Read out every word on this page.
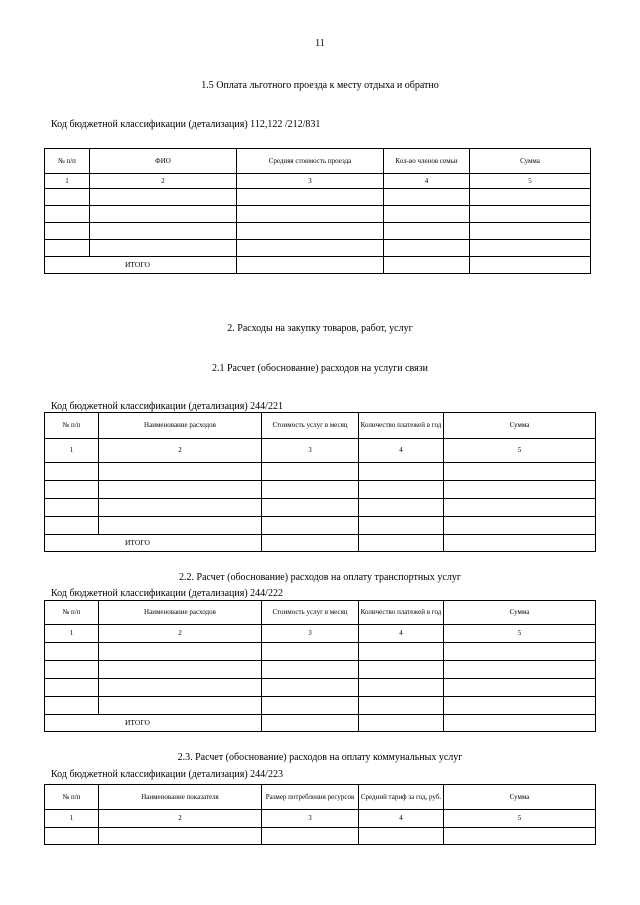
11
1.5 Оплата льготного проезда к месту отдыха и обратно
Код бюджетной классификации (детализация) 112,122 /212/831
№ п/п	ФИО	Средняя стоимость проезда	Кол-во членов семьи	Сумма
1	2	3	4	5

ИТОГО				
2. Расходы на закупку товаров, работ, услуг
2.1 Расчет (обоснование) расходов на услуги связи
Код бюджетной классификации (детализация) 244/221
№ п/п	Наименование расходов	Стоимость услуг в месяц	Количество платежей в год	Сумма
1	2	3	4	5

ИТОГО				
2.2. Расчет (обоснование) расходов на оплату транспортных услуг
Код бюджетной классификации (детализация) 244/222
№ п/п	Наименование расходов	Стоимость услуг в месяц	Количество платежей в год	Сумма
1	2	3	4	5

ИТОГО				
2.3. Расчет (обоснование) расходов на оплату коммунальных услуг
Код бюджетной классификации (детализация) 244/223
№ п/п	Наименование показателя	Размер потребления ресурсов	Средний тариф за год, руб.	Сумма
1	2	3	4	5
